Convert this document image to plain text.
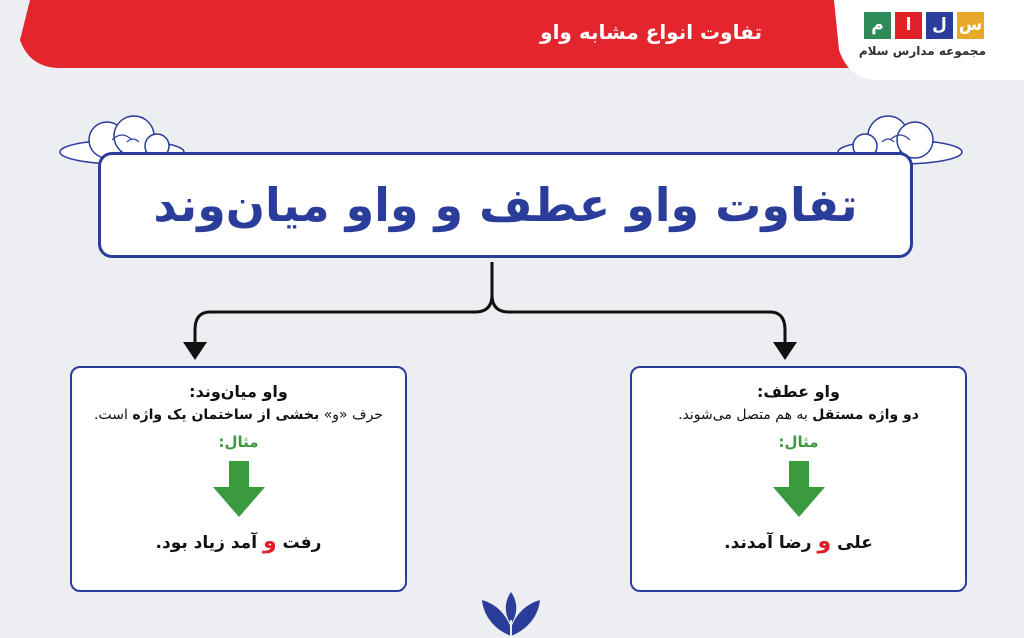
تفاوت انواع مشابه واو	س
ل
ا
م
مجموعه مدارس سلام
تفاوت واو عطف و واو میان‌وند
واو میان‌وند:
حرف «و» بخشی از ساختمان یک واژه است.
مثال:
رفت و آمد زیاد بود.
واو عطف:
دو واژه مستقل به هم متصل می‌شوند.
مثال:
علی و رضا آمدند.
